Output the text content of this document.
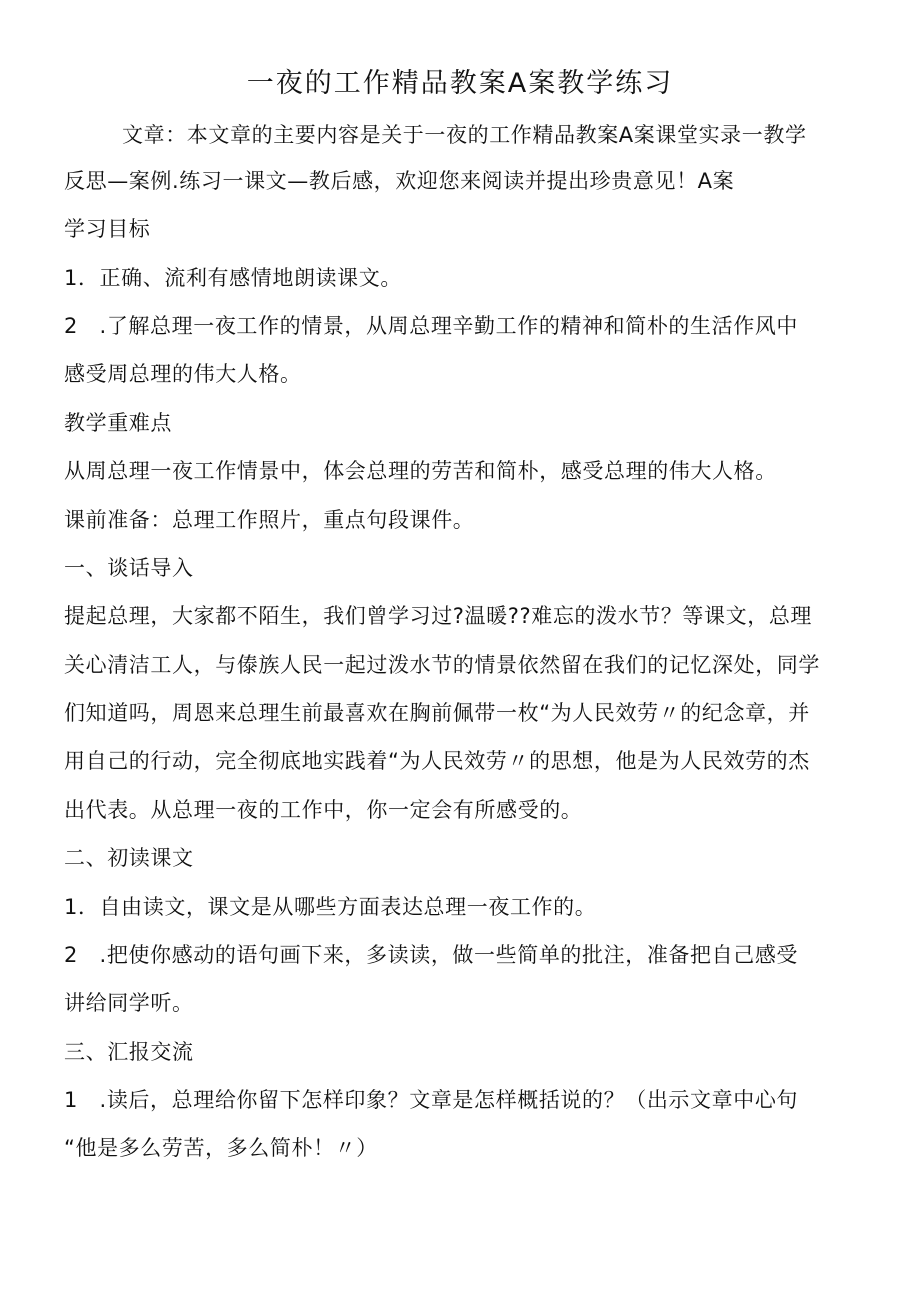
一夜的工作精品教案A案教学练习
文章：本文章的主要内容是关于一夜的工作精品教案A案课堂实录一教学
反思—案例.练习一课文—教后感，欢迎您来阅读并提出珍贵意见！A案
学习目标
1．正确、流利有感情地朗读课文。
2　.了解总理一夜工作的情景，从周总理辛勤工作的精神和简朴的生活作风中
感受周总理的伟大人格。
教学重难点
从周总理一夜工作情景中，体会总理的劳苦和简朴，感受总理的伟大人格。
课前准备：总理工作照片，重点句段课件。
一、谈话导入
提起总理，大家都不陌生，我们曾学习过?温暖??难忘的泼水节？等课文，总理
关心清洁工人，与傣族人民一起过泼水节的情景依然留在我们的记忆深处，同学
们知道吗，周恩来总理生前最喜欢在胸前佩带一枚“为人民效劳〃的纪念章，并
用自己的行动，完全彻底地实践着“为人民效劳〃的思想，他是为人民效劳的杰
出代表。从总理一夜的工作中，你一定会有所感受的。
二、初读课文
1．自由读文，课文是从哪些方面表达总理一夜工作的。
2　.把使你感动的语句画下来，多读读，做一些简单的批注，准备把自己感受
讲给同学听。
三、汇报交流
1　.读后，总理给你留下怎样印象？文章是怎样概括说的？（出示文章中心句
“他是多么劳苦，多么简朴！〃）
